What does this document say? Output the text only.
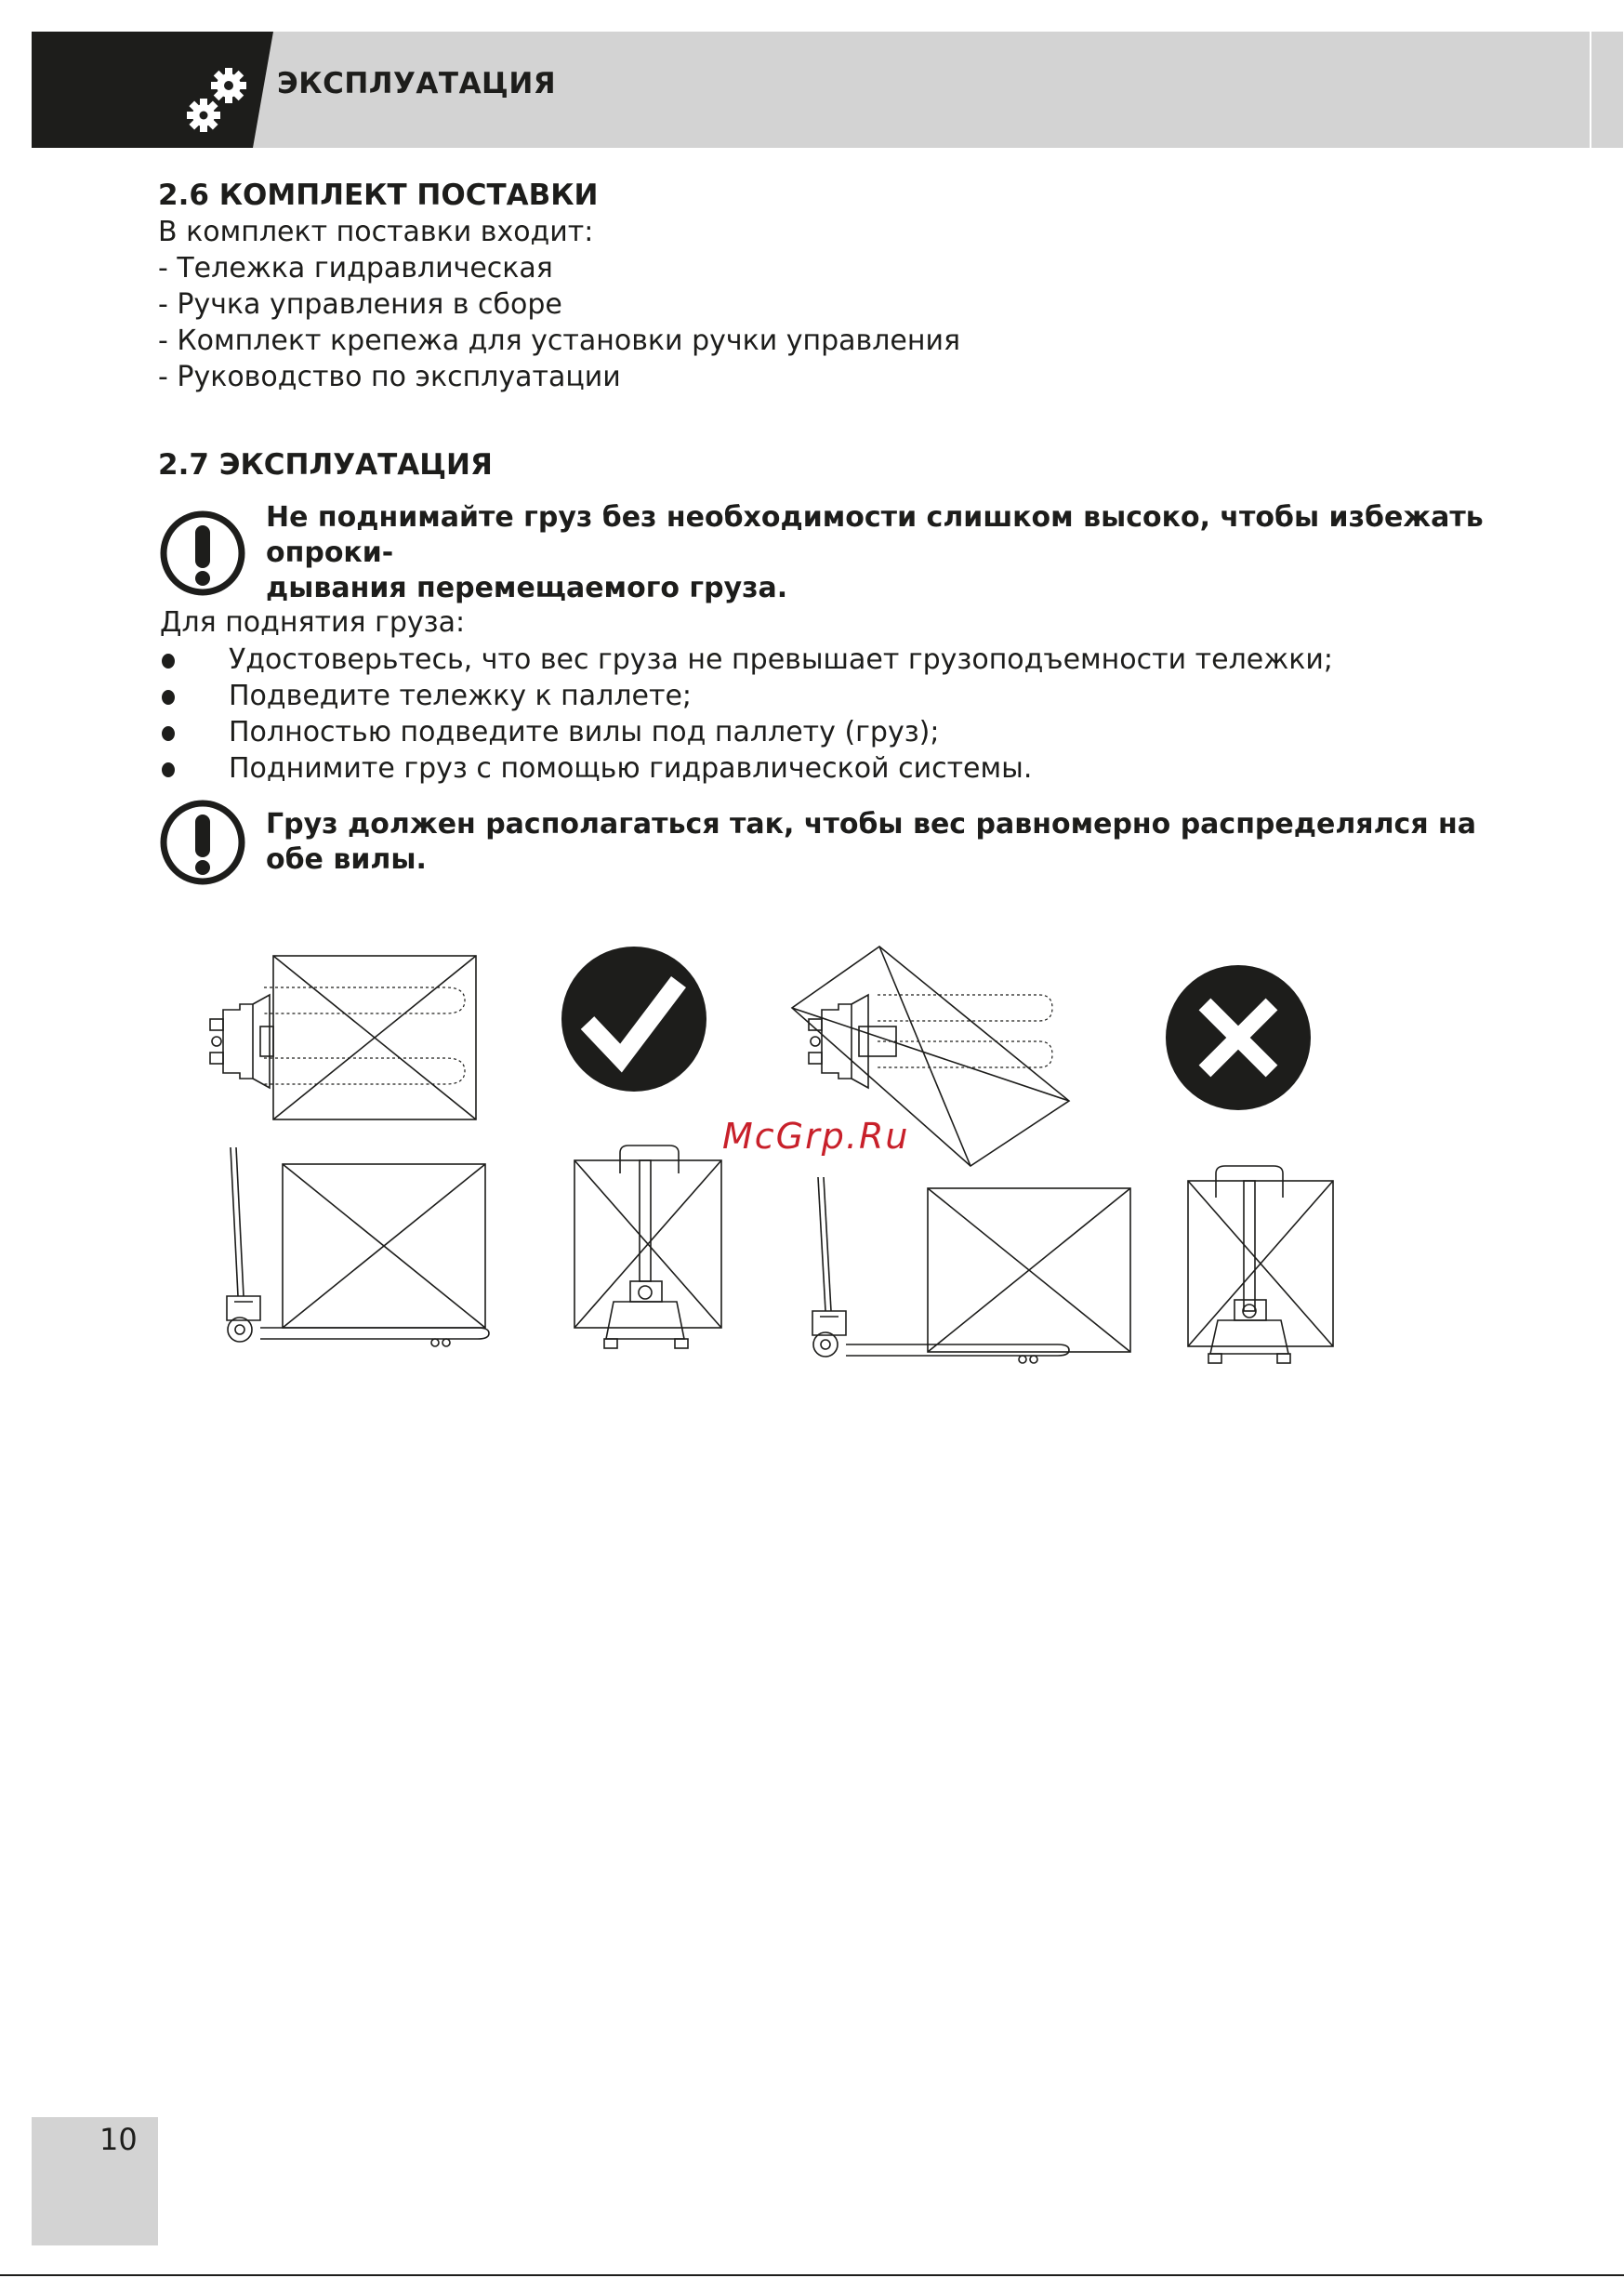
ЭКСПЛУАТАЦИЯ

2.6 КОМПЛЕКТ ПОСТАВКИ

В комплект поставки входит:

- Тележка гидравлическая

- Ручка управления в сборе

- Комплект крепежа для установки ручки управления

- Руководство по эксплуатации

2.7 ЭКСПЛУАТАЦИЯ

Не поднимайте груз без необходимости слишком высоко, чтобы избежать опроки-
дывания перемещаемого груза.
Для поднятия груза:
Удостоверьтесь, что вес груза не превышает грузоподъемности тележки;
Подведите тележку к паллете;
Полностью подведите вилы под паллету (груз);
Поднимите груз с помощью гидравлической системы.
Груз должен располагаться так, чтобы вес равномерно распределялся на обе вилы.
McGrp.Ru
10
